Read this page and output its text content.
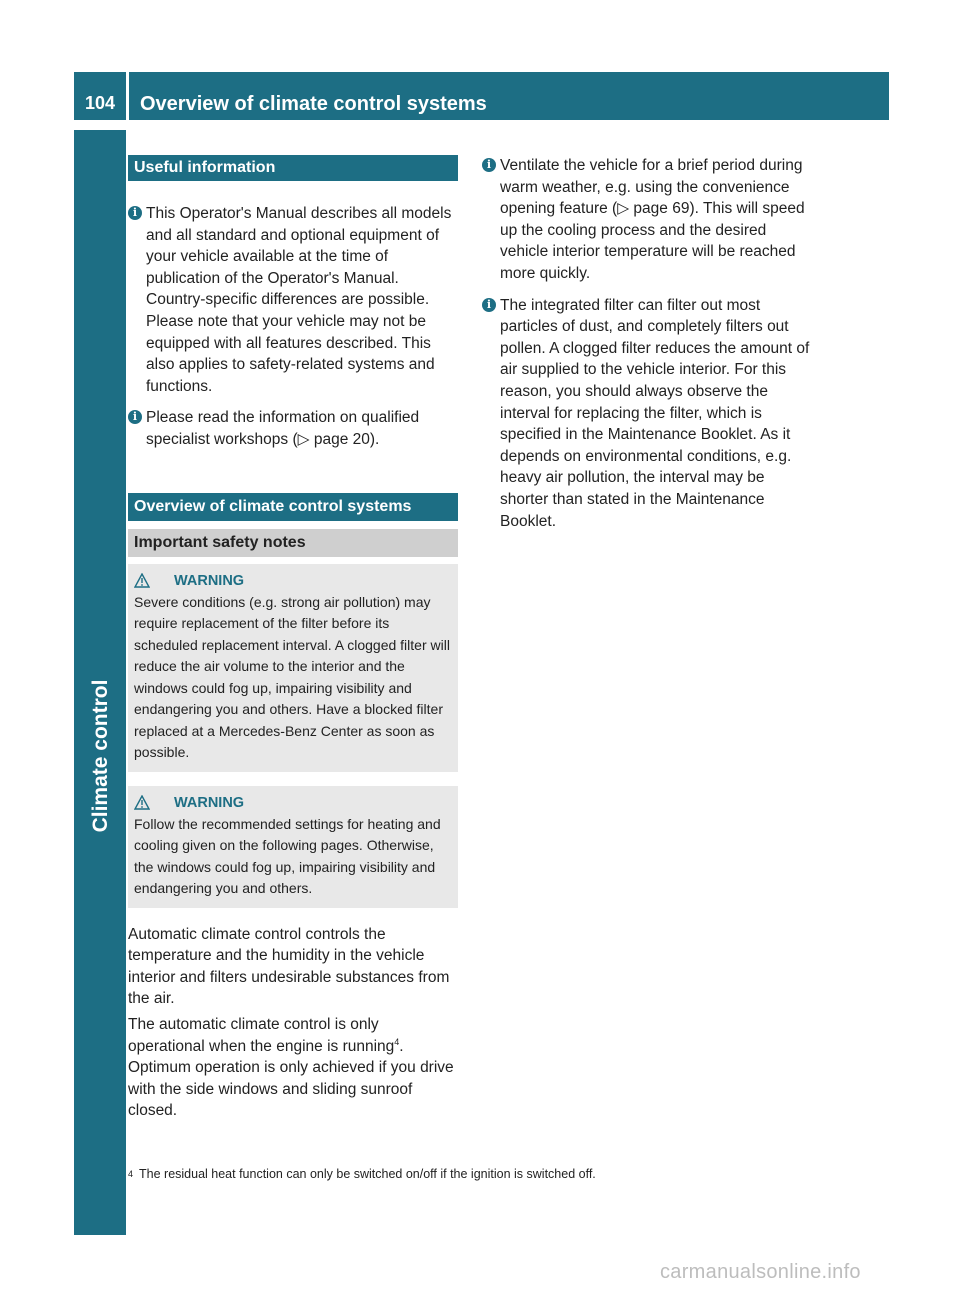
104	Overview of climate control systems
Climate control
Useful information
i This Operator's Manual describes all models and all standard and optional equipment of your vehicle available at the time of publication of the Operator's Manual. Country-specific differences are possible. Please note that your vehicle may not be equipped with all features described. This also applies to safety-related systems and functions.
i Please read the information on qualified specialist workshops (▷ page 20).
Overview of climate control systems
Important safety notes
WARNING
Severe conditions (e.g. strong air pollution) may require replacement of the filter before its scheduled replacement interval. A clogged filter will reduce the air volume to the interior and the windows could fog up, impairing visibility and endangering you and others. Have a blocked filter replaced at a Mercedes-Benz Center as soon as possible.
WARNING
Follow the recommended settings for heating and cooling given on the following pages. Otherwise, the windows could fog up, impairing visibility and endangering you and others.

Automatic climate control controls the temperature and the humidity in the vehicle interior and filters undesirable substances from the air.

The automatic climate control is only operational when the engine is running$^4$. Optimum operation is only achieved if you drive with the side windows and sliding sunroof closed.

i Ventilate the vehicle for a brief period during warm weather, e.g. using the convenience opening feature (▷ page 69). This will speed up the cooling process and the desired vehicle interior temperature will be reached more quickly.
i The integrated filter can filter out most particles of dust, and completely filters out pollen. A clogged filter reduces the amount of air supplied to the vehicle interior. For this reason, you should always observe the interval for replacing the filter, which is specified in the Maintenance Booklet. As it depends on environmental conditions, e.g. heavy air pollution, the interval may be shorter than stated in the Maintenance Booklet.
$^4$ The residual heat function can only be switched on/off if the ignition is switched off.
carmanualsonline.info
